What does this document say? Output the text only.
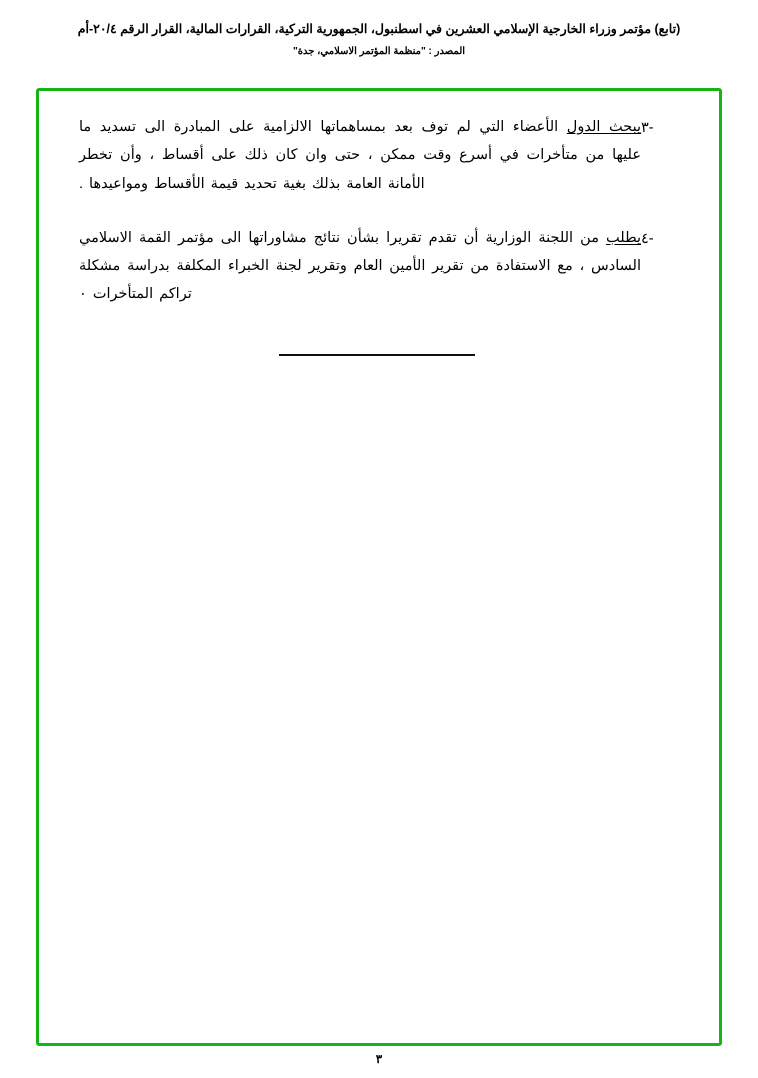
(تابع) مؤتمر وزراء الخارجية الإسلامي العشرين في اسطنبول، الجمهورية التركية، القرارات المالية، القرار الرقم ٢٠/٤-أم
المصدر : "منظمة المؤتمر الاسلامي، جدة"
-٣
يبحث الدول الأعضاء التي لم توف بعد بمساهماتها الالزامية على المبادرة الى تسديد ما عليها من متأخرات في أسرع وقت ممكن ، حتى وان كان ذلك على أقساط ، وأن تخطر الأمانة العامة بذلك بغية تحديد قيمة الأقساط ومواعيدها .
-٤
يطلب من اللجنة الوزارية أن تقدم تقريرا بشأن نتائج مشاوراتها الى مؤتمر القمة الاسلامي السادس ، مع الاستفادة من تقرير الأمين العام وتقرير لجنة الخبراء المكلفة بدراسة مشكلة تراكم المتأخرات ٠
٣
